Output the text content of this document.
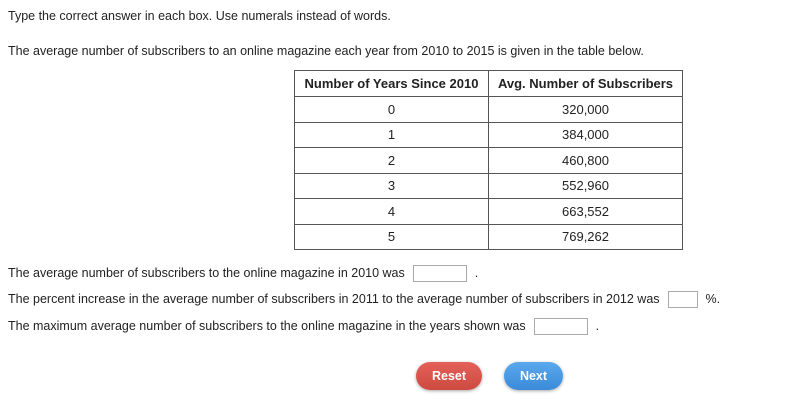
Type the correct answer in each box. Use numerals instead of words.
The average number of subscribers to an online magazine each year from 2010 to 2015 is given in the table below.
Number of Years Since 2010	Avg. Number of Subscribers
0	320,000
1	384,000
2	460,800
3	552,960
4	663,552
5	769,262
The average number of subscribers to the online magazine in 2010 was	.
The percent increase in the average number of subscribers in 2011 to the average number of subscribers in 2012 was	%.
The maximum average number of subscribers to the online magazine in the years shown was	.
Reset	Next
